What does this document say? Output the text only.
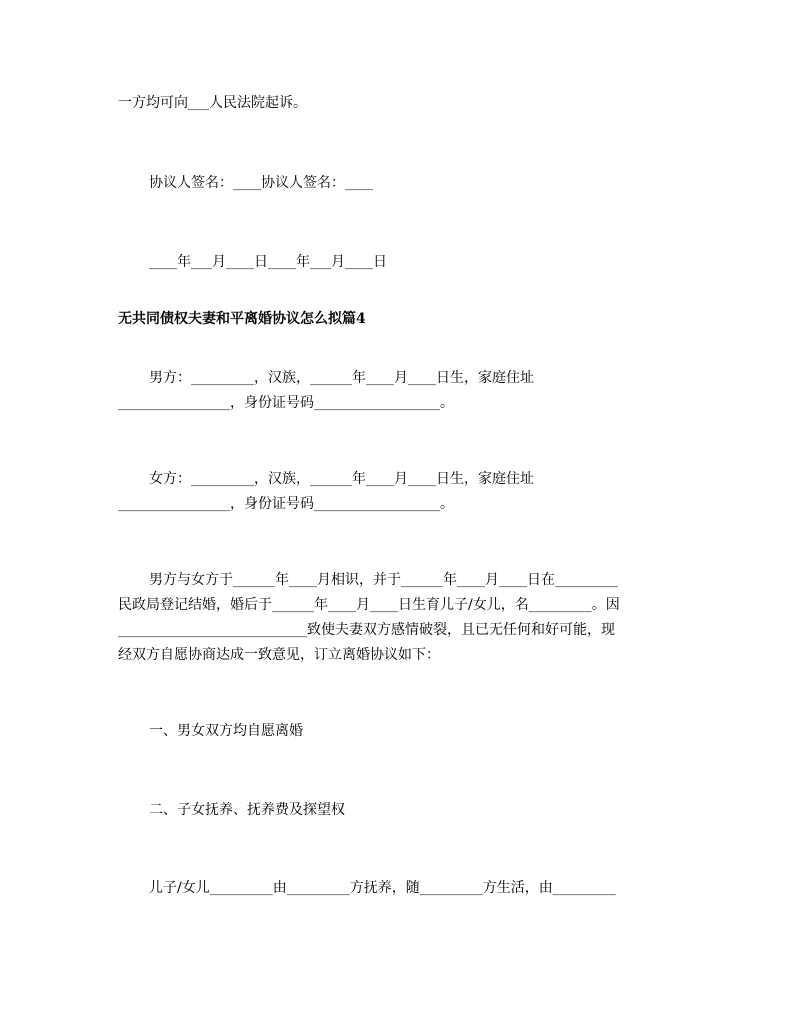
一方均可向___人民法院起诉。

协议人签名：____协议人签名：____

____年___月____日____年___月____日

无共同债权夫妻和平离婚协议怎么拟篇4

男方：_________，汉族，______年____月____日生，家庭住址

________________，身份证号码__________________。

女方：_________，汉族，______年____月____日生，家庭住址

________________，身份证号码__________________。

男方与女方于______年____月相识，并于______年____月____日在_________

民政局登记结婚，婚后于______年____月____日生育儿子/女儿，名_________。因

___________________________致使夫妻双方感情破裂，且已无任何和好可能，现

经双方自愿协商达成一致意见，订立离婚协议如下：

一、男女双方均自愿离婚

二、子女抚养、抚养费及探望权

儿子/女儿_________由_________方抚养，随_________方生活，由_________
